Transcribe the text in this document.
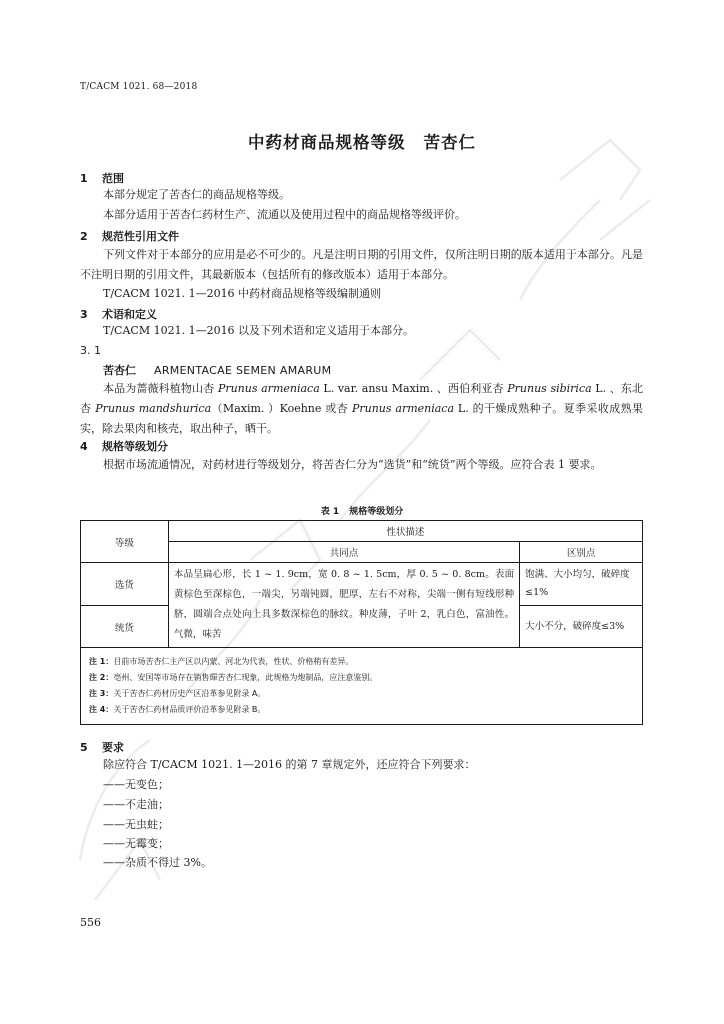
T/CACM 1021. 68—2018
中药材商品规格等级 苦杏仁
1 范围
本部分规定了苦杏仁的商品规格等级。
本部分适用于苦杏仁药材生产、流通以及使用过程中的商品规格等级评价。
2 规范性引用文件
下列文件对于本部分的应用是必不可少的。凡是注明日期的引用文件，仅所注明日期的版本适用于本部分。凡是不注明日期的引用文件，其最新版本（包括所有的修改版本）适用于本部分。
T/CACM 1021. 1—2016 中药材商品规格等级编制通则
3 术语和定义
T/CACM 1021. 1—2016 以及下列术语和定义适用于本部分。
3. 1
苦杏仁 ARMENTACAE SEMEN AMARUM
本品为蔷薇科植物山杏 Prunus armeniaca L. var. ansu Maxim. 、西伯利亚杏 Prunus sibirica L. 、东北杏 Prunus mandshurica（Maxim. ）Koehne 或杏 Prunus armeniaca L. 的干燥成熟种子。夏季采收成熟果实，除去果肉和核壳，取出种子，晒干。
4 规格等级划分
根据市场流通情况，对药材进行等级划分，将苦杏仁分为“选货”和“统货”两个等级。应符合表 1 要求。
表 1 规格等级划分
等级	性状描述	
	共同点	区别点
选货	本品呈扁心形，长 1 ~ 1. 9cm，宽 0. 8 ~ 1. 5cm，厚 0. 5 ~ 0. 8cm。表面黄棕色至深棕色，一端尖，另端钝圆，肥厚，左右不对称，尖端一侧有短线形种脐，圆端合点处向上具多数深棕色的脉纹。种皮薄，子叶 2，乳白色，富油性。气微，味苦	饱满、大小均匀，破碎度≤1%
统货		大小不分，破碎度≤3%

注 1：目前市场苦杏仁主产区以内蒙、河北为代表，性状、价格稍有差异。
注 2：亳州、安国等市场存在销售燀苦杏仁现象，此规格为炮制品，应注意鉴别。
注 3：关于苦杏仁药材历史产区沿革参见附录 A。
注 4：关于苦杏仁药材品质评价沿革参见附录 B。		
5 要求
除应符合 T/CACM 1021. 1—2016 的第 7 章规定外，还应符合下列要求：
——无变色；
——不走油；
——无虫蛀；
——无霉变；
——杂质不得过 3%。
556
